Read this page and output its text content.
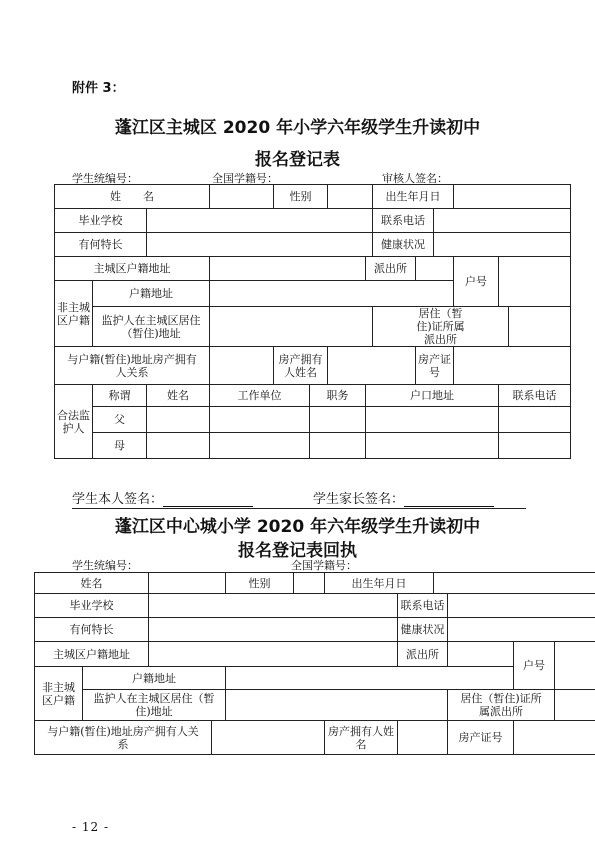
附件 3：
蓬江区主城区 2020 年小学六年级学生升读初中
报名登记表
学生统编号：	全国学籍号：	审核人签名：
姓　　名				性别				出生年月日					
毕业学校								联系电话					
有何特长								健康状况					
主城区户籍地址							派出所				户号		
非主城区户籍	户籍地址												
	监护人在主城区居住（暂住)地址							居住（暂住)证所属派出所					
与户籍(暂住)地址房产拥有人关系				房产拥有人姓名					房产证号				
合法监护人	称谓	姓名	工作单位		职务		户口地址					联系电话	
	父												
	母												
学生本人签名：	学生家长签名：
蓬江区中心城小学 2020 年六年级学生升读初中
报名登记表回执
学生统编号：	全国学籍号：
姓名				性别		出生年月日					
毕业学校							联系电话				
有何特长							健康状况				
主城区户籍地址							派出所			户号	
非主城区户籍	户籍地址										
	监护人在主城区居住（暂住)地址								居住（暂住)证所属派出所		
与户籍(暂住)地址房产拥有人关系						房产拥有人姓名			房产证号		
- 12 -
